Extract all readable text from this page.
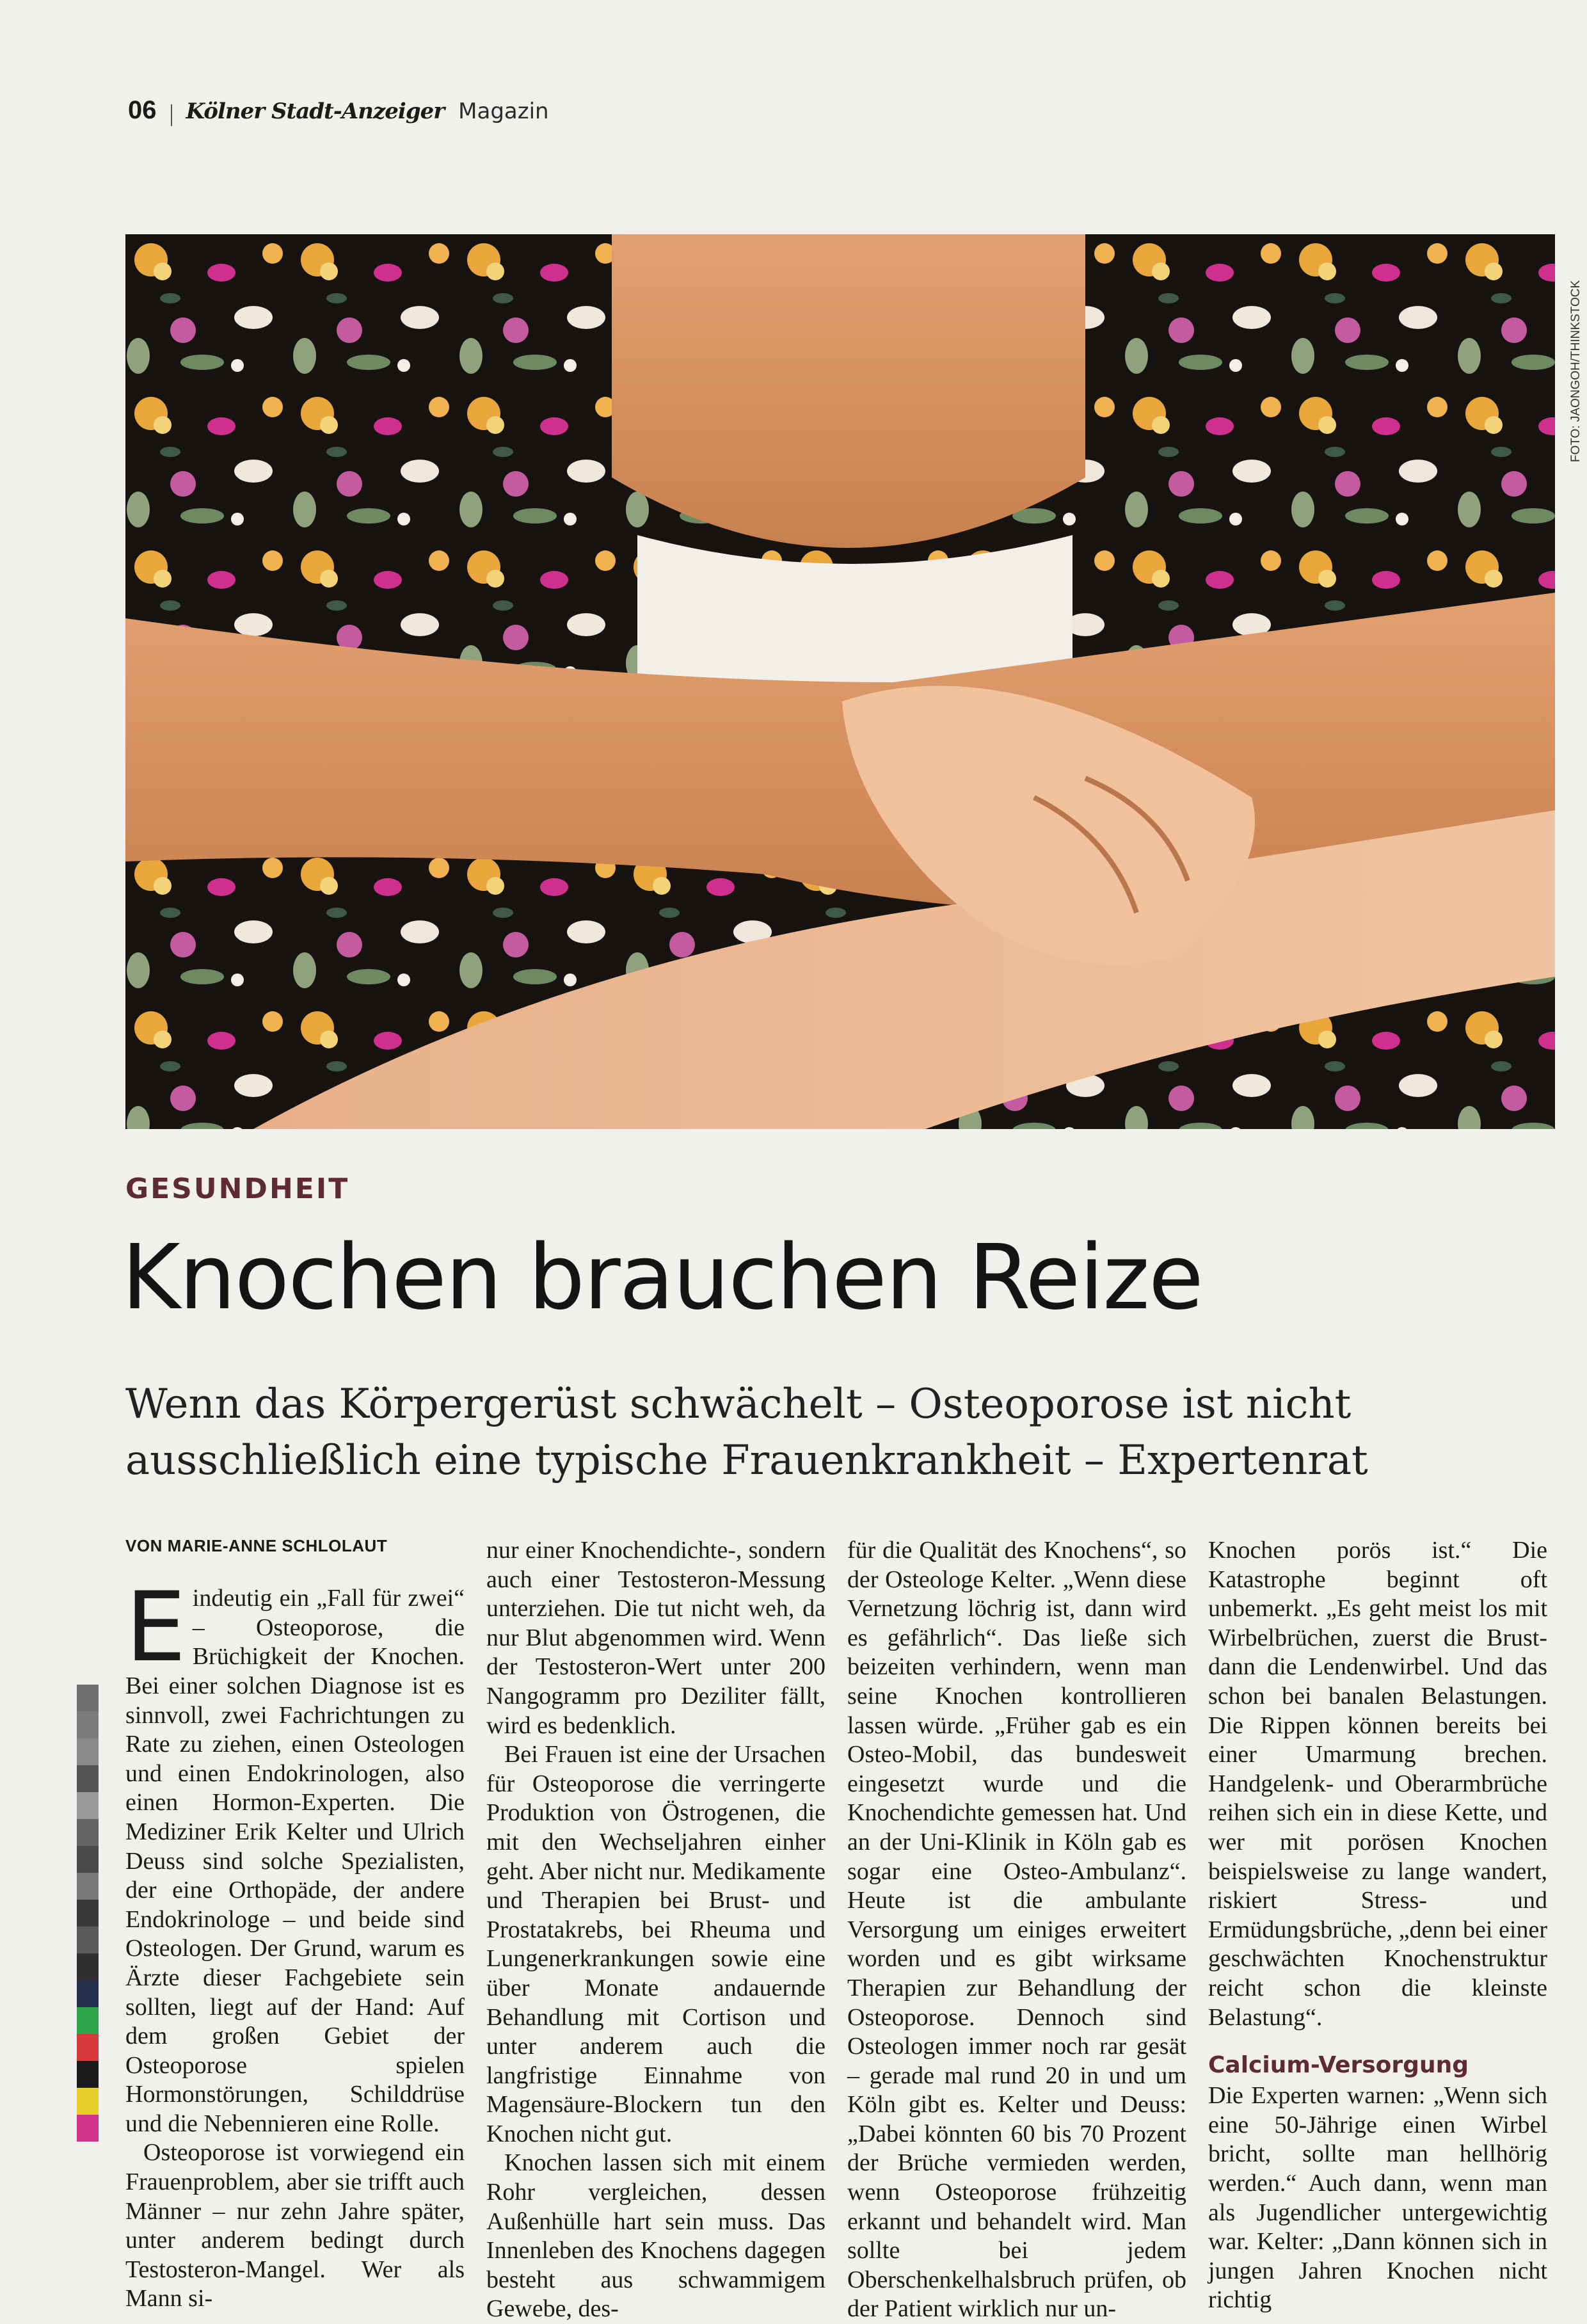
06 Kölner Stadt-Anzeiger Magazin
FOTO: JAONGOH/THINKSTOCK
GESUNDHEIT
Knochen brauchen Reize

Wenn das Körpergerüst schwächelt – Osteoporose ist nicht ausschließlich eine typische Frauenkrankheit – Expertenrat

VON MARIE-ANNE SCHLOLAUT

Eindeutig ein „Fall für zwei“ – Osteoporose, die Brüchigkeit der Knochen. Bei einer solchen Diagnose ist es sinnvoll, zwei Fachrichtungen zu Rate zu ziehen, einen Osteologen und einen Endokrinologen, also einen Hormon-Experten. Die Mediziner Erik Kelter und Ulrich Deuss sind solche Spezialisten, der eine Orthopäde, der andere Endokrinologe – und beide sind Osteologen. Der Grund, warum es Ärzte dieser Fachgebiete sein sollten, liegt auf der Hand: Auf dem großen Gebiet der Osteoporose spielen Hormonstörungen, Schilddrüse und die Nebennieren eine Rolle.

Osteoporose ist vorwiegend ein Frauenproblem, aber sie trifft auch Männer – nur zehn Jahre später, unter anderem bedingt durch Testosteron-Mangel. Wer als Mann si-

nur einer Knochendichte-, sondern auch einer Testosteron-Messung unterziehen. Die tut nicht weh, da nur Blut abgenommen wird. Wenn der Testosteron-Wert unter 200 Nangogramm pro Deziliter fällt, wird es bedenklich.

Bei Frauen ist eine der Ursachen für Osteoporose die verringerte Produktion von Östrogenen, die mit den Wechseljahren einher geht. Aber nicht nur. Medikamente und Therapien bei Brust- und Prostatakrebs, bei Rheuma und Lungenerkrankungen sowie eine über Monate andauernde Behandlung mit Cortison und unter anderem auch die langfristige Einnahme von Magensäure-Blockern tun den Knochen nicht gut.

Knochen lassen sich mit einem Rohr vergleichen, dessen Außenhülle hart sein muss. Das Innenleben des Knochens dagegen besteht aus schwammigem Gewebe, des-

für die Qualität des Knochens“, so der Osteologe Kelter. „Wenn diese Vernetzung löchrig ist, dann wird es gefährlich“. Das ließe sich beizeiten verhindern, wenn man seine Knochen kontrollieren lassen würde. „Früher gab es ein Osteo-Mobil, das bundesweit eingesetzt wurde und die Knochendichte gemessen hat. Und an der Uni-Klinik in Köln gab es sogar eine Osteo-Ambulanz“. Heute ist die ambulante Versorgung um einiges erweitert worden und es gibt wirksame Therapien zur Behandlung der Osteoporose. Dennoch sind Osteologen immer noch rar gesät – gerade mal rund 20 in und um Köln gibt es. Kelter und Deuss: „Dabei könnten 60 bis 70 Prozent der Brüche vermieden werden, wenn Osteoporose frühzeitig erkannt und behandelt wird. Man sollte bei jedem Oberschenkelhalsbruch prüfen, ob der Patient wirklich nur un-

Knochen porös ist.“ Die Katastrophe beginnt oft unbemerkt. „Es geht meist los mit Wirbelbrüchen, zuerst die Brust- dann die Lendenwirbel. Und das schon bei banalen Belastungen. Die Rippen können bereits bei einer Umarmung brechen. Handgelenk- und Oberarmbrüche reihen sich ein in diese Kette, und wer mit porösen Knochen beispielsweise zu lange wandert, riskiert Stress- und Ermüdungsbrüche, „denn bei einer geschwächten Knochenstruktur reicht schon die kleinste Belastung“.

Calcium-Versorgung

Die Experten warnen: „Wenn sich eine 50-Jährige einen Wirbel bricht, sollte man hellhörig werden.“ Auch dann, wenn man als Jugendlicher untergewichtig war. Kelter: „Dann können sich in jungen Jahren Knochen nicht richtig
